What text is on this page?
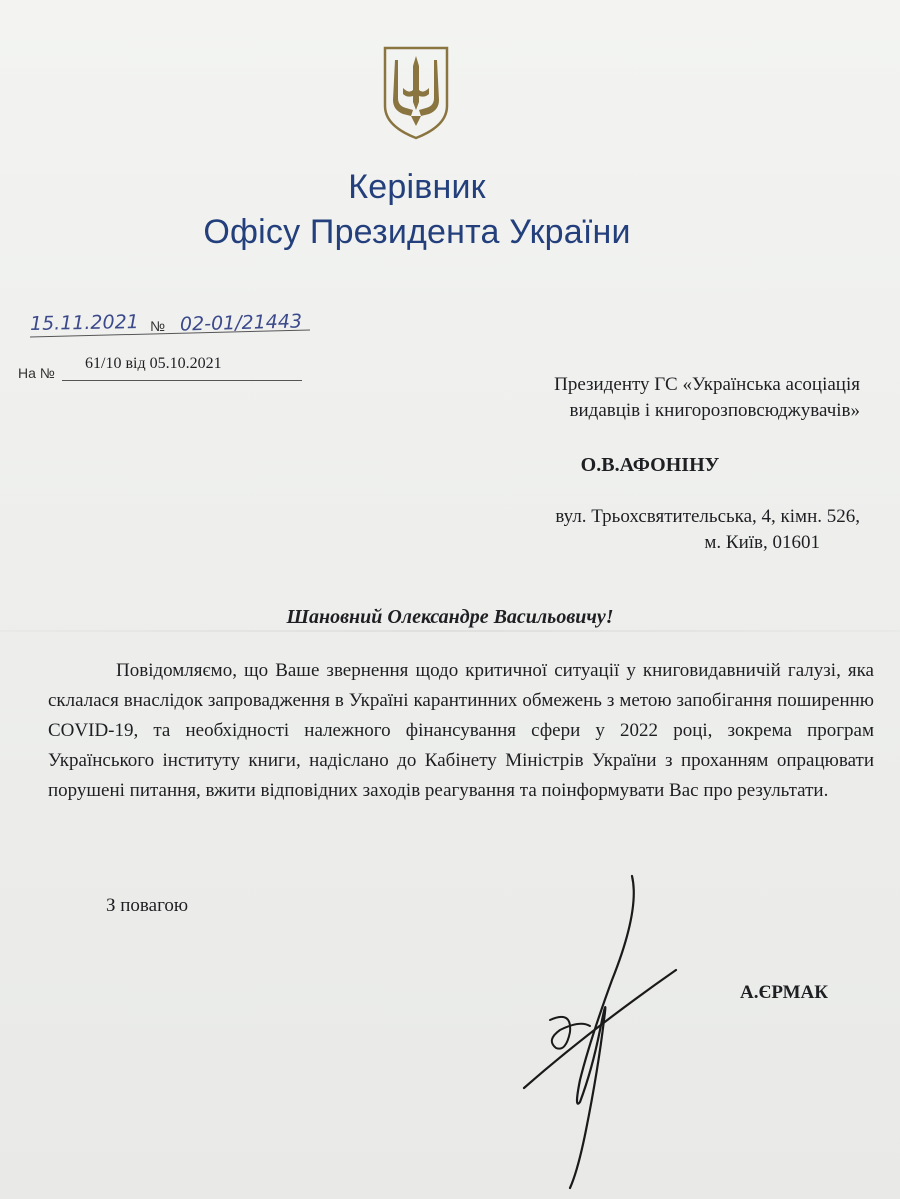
Керівник
Офісу Президента України
15.11.2021 № 02-01/21443
На №
61/10 від 05.10.2021
Президенту ГС «Українська асоціація
видавців і книгорозповсюджувачів»
О.В.АФОНІНУ
вул. Трьохсвятительська, 4, кімн. 526,
м. Київ, 01601
Шановний Олександре Васильовичу!
Повідомляємо, що Ваше звернення щодо критичної ситуації у книговидавничій галузі, яка склалася внаслідок запровадження в Україні карантинних обмежень з метою запобігання поширенню COVID-19, та необхідності належного фінансування сфери у 2022 році, зокрема програм Українського інституту книги, надіслано до Кабінету Міністрів України з проханням опрацювати порушені питання, вжити відповідних заходів реагування та поінформувати Вас про результати.
З повагою
А.ЄРМАК
